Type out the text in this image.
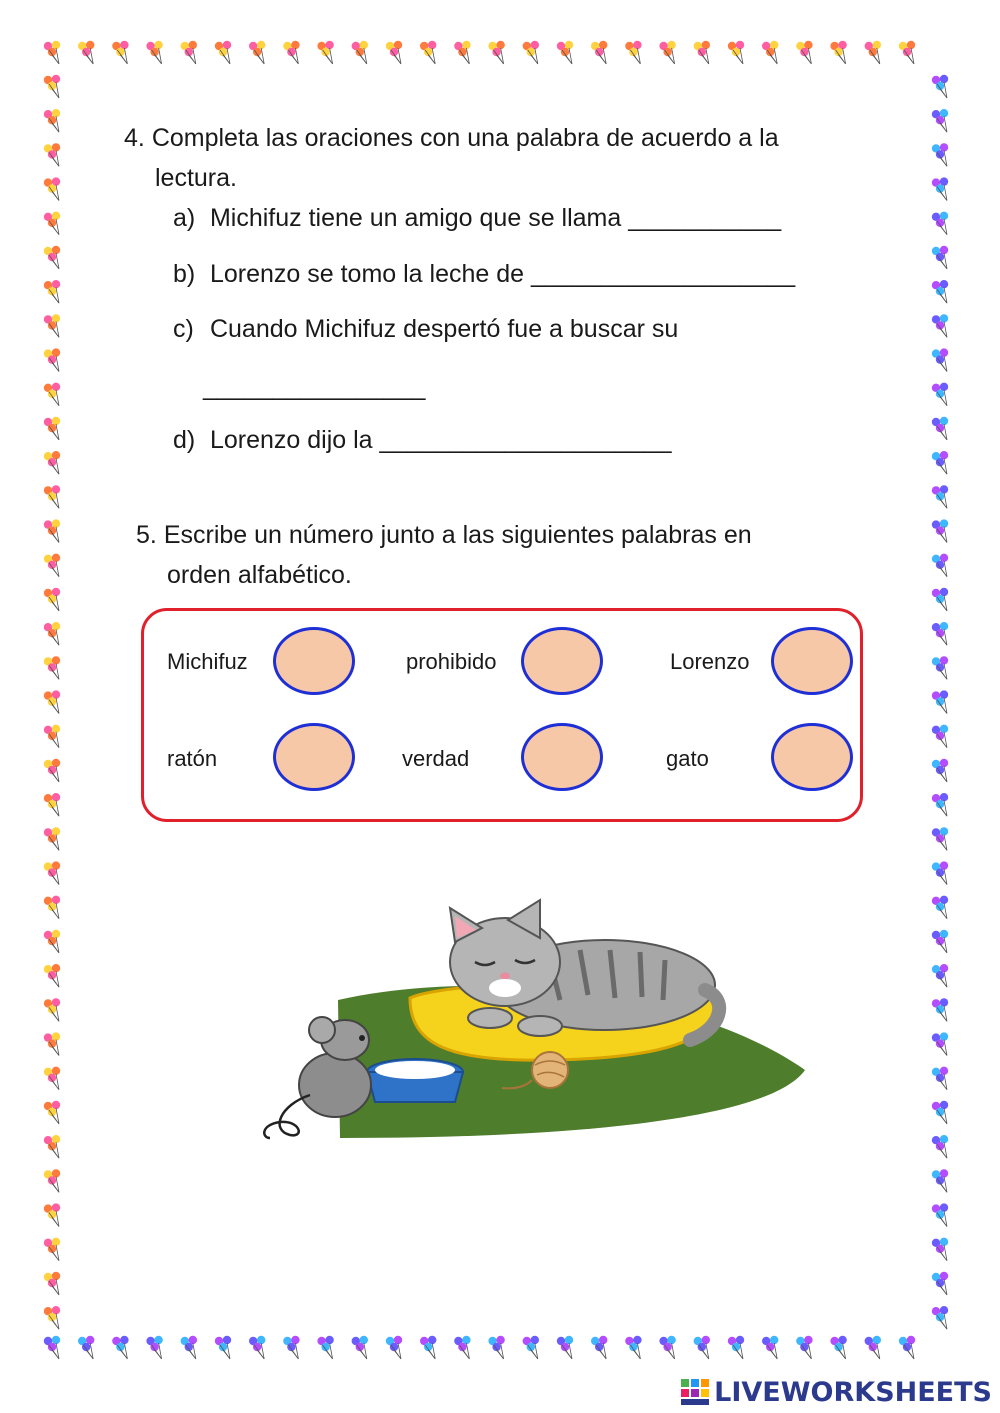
4. Completa las oraciones con una palabra de acuerdo a la
lectura.
a) Michifuz tiene un amigo que se llama ___________
b) Lorenzo se tomo la leche de ___________________
c) Cuando Michifuz despertó fue a buscar su
________________
d) Lorenzo dijo la _____________________
5. Escribe un número junto a las siguientes palabras en
orden alfabético.
Michifuz	prohibido	Lorenzo
ratón	verdad	gato
LIVEWORKSHEETS
